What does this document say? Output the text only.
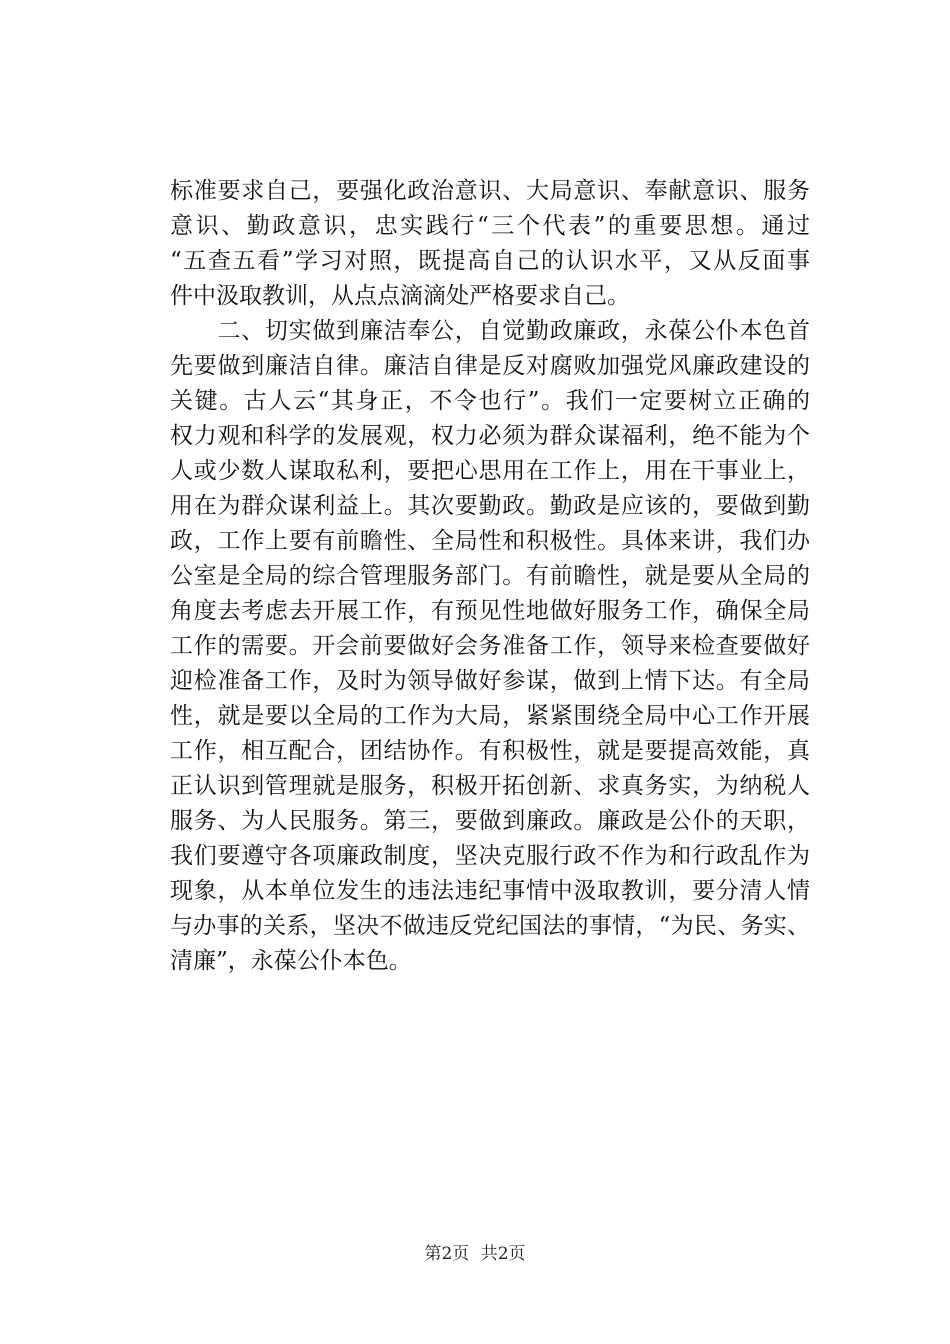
标准要求自己，要强化政治意识、大局意识、奉献意识、服务
意识、勤政意识，忠实践行“三个代表”的重要思想。通过
“五查五看”学习对照，既提高自己的认识水平，又从反面事
件中汲取教训，从点点滴滴处严格要求自己。
　　二、切实做到廉洁奉公，自觉勤政廉政，永葆公仆本色首
先要做到廉洁自律。廉洁自律是反对腐败加强党风廉政建设的
关键。古人云“其身正，不令也行”。我们一定要树立正确的
权力观和科学的发展观，权力必须为群众谋福利，绝不能为个
人或少数人谋取私利，要把心思用在工作上，用在干事业上，
用在为群众谋利益上。其次要勤政。勤政是应该的，要做到勤
政，工作上要有前瞻性、全局性和积极性。具体来讲，我们办
公室是全局的综合管理服务部门。有前瞻性，就是要从全局的
角度去考虑去开展工作，有预见性地做好服务工作，确保全局
工作的需要。开会前要做好会务准备工作，领导来检查要做好
迎检准备工作，及时为领导做好参谋，做到上情下达。有全局
性，就是要以全局的工作为大局，紧紧围绕全局中心工作开展
工作，相互配合，团结协作。有积极性，就是要提高效能，真
正认识到管理就是服务，积极开拓创新、求真务实，为纳税人
服务、为人民服务。第三，要做到廉政。廉政是公仆的天职，
我们要遵守各项廉政制度，坚决克服行政不作为和行政乱作为
现象，从本单位发生的违法违纪事情中汲取教训，要分清人情
与办事的关系，坚决不做违反党纪国法的事情，“为民、务实、
清廉”，永葆公仆本色。
第2页 共2页
